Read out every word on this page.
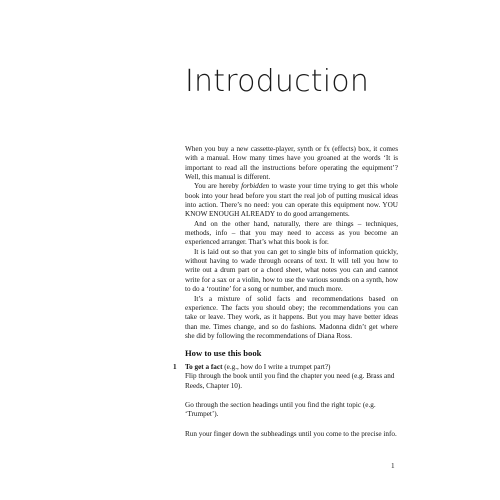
Introduction

When you buy a new cassette-player, synth or fx (effects) box, it comes with a manual. How many times have you groaned at the words ‘It is important to read all the instructions before operating the equipment’? Well, this manual is different.

You are hereby forbidden to waste your time trying to get this whole book into your head before you start the real job of putting musical ideas into action. There’s no need: you can operate this equipment now. YOU KNOW ENOUGH ALREADY to do good arrangements.

And on the other hand, naturally, there are things – techniques, methods, info – that you may need to access as you become an experienced arranger. That’s what this book is for.

It is laid out so that you can get to single bits of information quickly, without having to wade through oceans of text. It will tell you how to write out a drum part or a chord sheet, what notes you can and cannot write for a sax or a violin, how to use the various sounds on a synth, how to do a ‘routine’ for a song or number, and much more.

It’s a mixture of solid facts and recommendations based on experience. The facts you should obey; the recommendations you can take or leave. They work, as it happens. But you may have better ideas than me. Times change, and so do fashions. Madonna didn’t get where she did by following the recommendations of Diana Ross.

How to use this book
1	To get a fact (e.g., how do I write a trumpet part?)
Flip through the book until you find the chapter you need (e.g. Brass and Reeds, Chapter 10).

Go through the section headings until you find the right topic (e.g. ‘Trumpet’).

Run your finger down the subheadings until you come to the precise info.

1
